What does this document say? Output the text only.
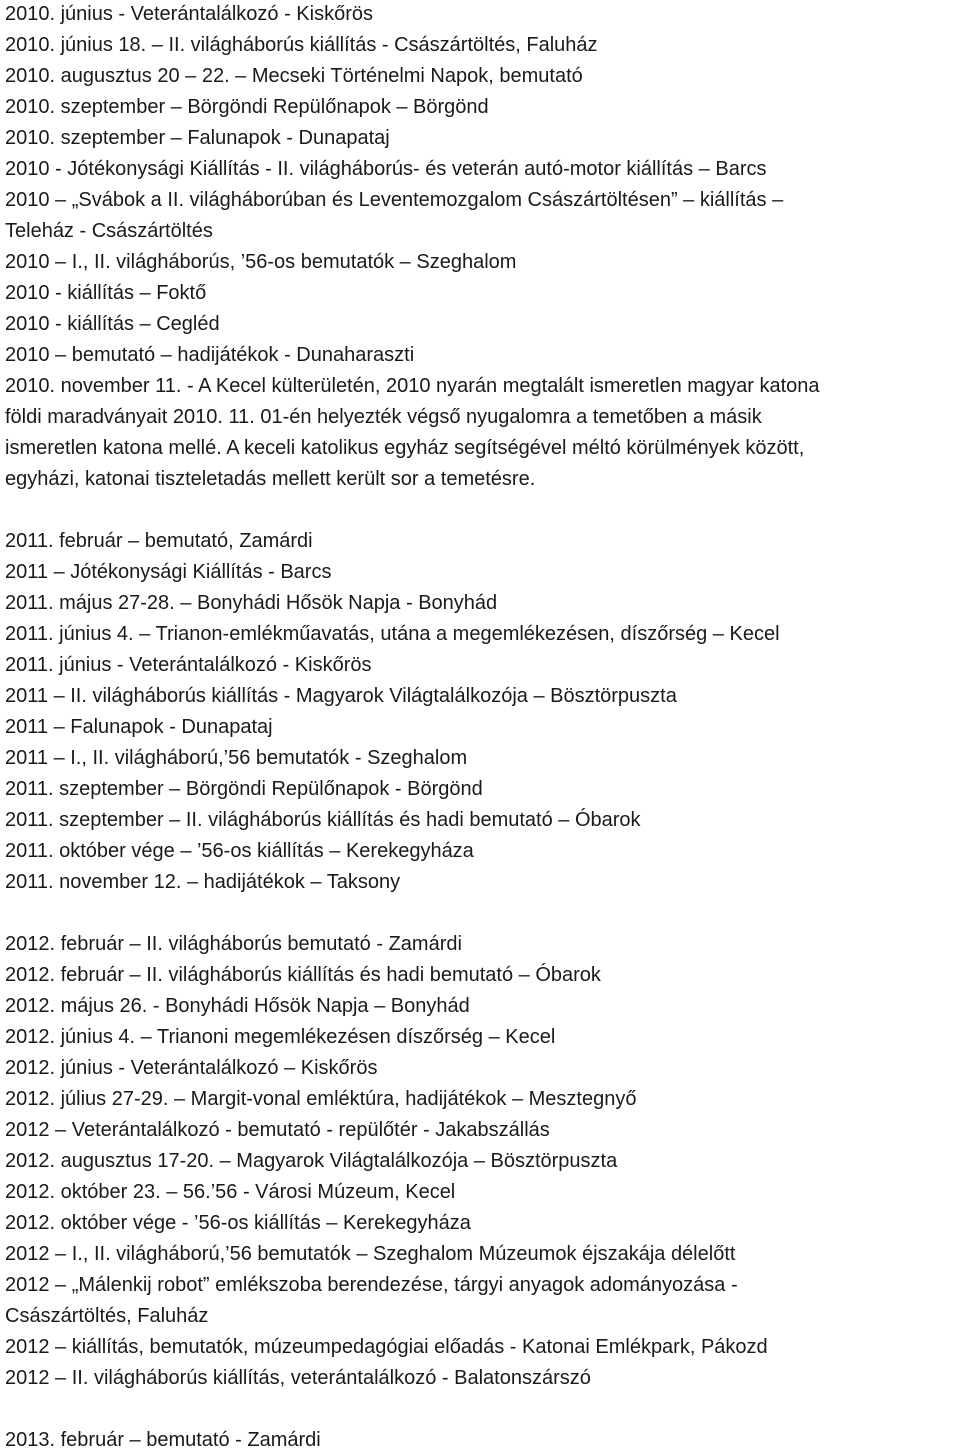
2010. június - Veterántalálkozó - Kiskőrös
2010. június 18. – II. világháborús kiállítás - Császártöltés, Faluház
2010. augusztus 20 – 22. – Mecseki Történelmi Napok, bemutató
2010. szeptember – Börgöndi Repülőnapok – Börgönd
2010. szeptember – Falunapok - Dunapataj
2010 - Jótékonysági Kiállítás - II. világháborús- és veterán autó-motor kiállítás – Barcs
2010 – „Svábok a II. világháborúban és Leventemozgalom Császártöltésen” – kiállítás –
Teleház - Császártöltés
2010 – I., II. világháborús, ’56-os bemutatók – Szeghalom
2010 - kiállítás – Foktő
2010 - kiállítás – Cegléd
2010 – bemutató – hadijátékok - Dunaharaszti
2010. november 11. - A Kecel külterületén, 2010 nyarán megtalált ismeretlen magyar katona
földi maradványait 2010. 11. 01-én helyezték végső nyugalomra a temetőben a másik
ismeretlen katona mellé. A keceli katolikus egyház segítségével méltó körülmények között,
egyházi, katonai tiszteletadás mellett került sor a temetésre.
2011. február – bemutató, Zamárdi
2011 – Jótékonysági Kiállítás - Barcs
2011. május 27-28. – Bonyhádi Hősök Napja - Bonyhád
2011. június 4. – Trianon-emlékműavatás, utána a megemlékezésen, díszőrség – Kecel
2011. június - Veterántalálkozó - Kiskőrös
2011 – II. világháborús kiállítás - Magyarok Világtalálkozója – Bösztörpuszta
2011 – Falunapok - Dunapataj
2011 – I., II. világháború,’56 bemutatók - Szeghalom
2011. szeptember – Börgöndi Repülőnapok - Börgönd
2011. szeptember – II. világháborús kiállítás és hadi bemutató – Óbarok
2011. október vége – ’56-os kiállítás – Kerekegyháza
2011. november 12. – hadijátékok – Taksony
2012. február – II. világháborús bemutató - Zamárdi
2012. február – II. világháborús kiállítás és hadi bemutató – Óbarok
2012. május 26. - Bonyhádi Hősök Napja – Bonyhád
2012. június 4. – Trianoni megemlékezésen díszőrség – Kecel
2012. június - Veterántalálkozó – Kiskőrös
2012. július 27-29. – Margit-vonal emléktúra, hadijátékok – Mesztegnyő
2012 – Veterántalálkozó - bemutató - repülőtér - Jakabszállás
2012. augusztus 17-20. – Magyarok Világtalálkozója – Bösztörpuszta
2012. október 23. – 56.’56 - Városi Múzeum, Kecel
2012. október vége - ’56-os kiállítás – Kerekegyháza
2012 – I., II. világháború,’56 bemutatók – Szeghalom Múzeumok éjszakája délelőtt
2012 – „Málenkij robot” emlékszoba berendezése, tárgyi anyagok adományozása -
Császártöltés, Faluház
2012 – kiállítás, bemutatók, múzeumpedagógiai előadás - Katonai Emlékpark, Pákozd
2012 – II. világháborús kiállítás, veterántalálkozó - Balatonszárszó
2013. február – bemutató - Zamárdi
